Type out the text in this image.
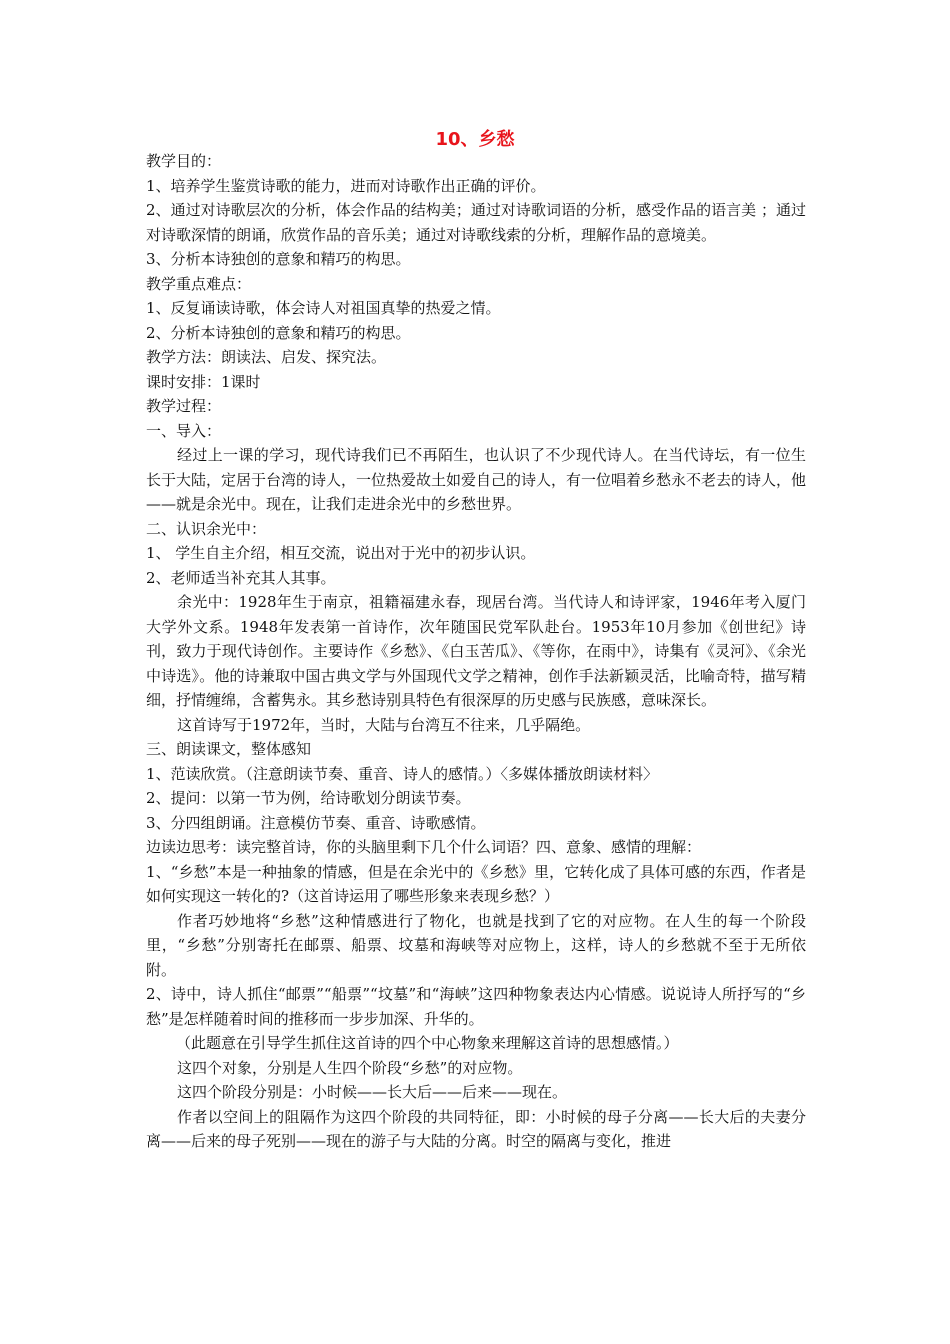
10、乡愁

教学目的：

1、培养学生鉴赏诗歌的能力，进而对诗歌作出正确的评价。

2、通过对诗歌层次的分析，体会作品的结构美；通过对诗歌词语的分析，感受作品的语言美 ；通过对诗歌深情的朗诵，欣赏作品的音乐美；通过对诗歌线索的分析，理解作品的意境美。

3、分析本诗独创的意象和精巧的构思。

教学重点难点：

1、反复诵读诗歌，体会诗人对祖国真挚的热爱之情。

2、分析本诗独创的意象和精巧的构思。

教学方法：朗读法、启发、探究法。

课时安排：1课时

教学过程：

一、导入：

经过上一课的学习，现代诗我们已不再陌生，也认识了不少现代诗人。在当代诗坛，有一位生长于大陆，定居于台湾的诗人，一位热爱故土如爱自己的诗人，有一位唱着乡愁永不老去的诗人，他——就是余光中。现在，让我们走进余光中的乡愁世界。

二、认识余光中：

1、 学生自主介绍，相互交流，说出对于光中的初步认识。

2、老师适当补充其人其事。

余光中：1928年生于南京，祖籍福建永春，现居台湾。当代诗人和诗评家，1946年考入厦门大学外文系。1948年发表第一首诗作，次年随国民党军队赴台。1953年10月参加《创世纪》诗刊，致力于现代诗创作。主要诗作《乡愁》、《白玉苦瓜》、《等你，在雨中》，诗集有《灵河》、《余光中诗选》。他的诗兼取中国古典文学与外国现代文学之精神，创作手法新颖灵活，比喻奇特，描写精细，抒情缠绵，含蓄隽永。其乡愁诗别具特色有很深厚的历史感与民族感，意味深长。

这首诗写于1972年，当时，大陆与台湾互不往来，几乎隔绝。

三、朗读课文，整体感知

1、范读欣赏。（注意朗读节奏、重音、诗人的感情。）〈多媒体播放朗读材料〉

2、提问：以第一节为例，给诗歌划分朗读节奏。

3、分四组朗诵。注意模仿节奏、重音、诗歌感情。

边读边思考：读完整首诗，你的头脑里剩下几个什么词语？四、意象、感情的理解：

1、“乡愁”本是一种抽象的情感，但是在余光中的《乡愁》里，它转化成了具体可感的东西，作者是如何实现这一转化的?（这首诗运用了哪些形象来表现乡愁？）

作者巧妙地将“乡愁”这种情感进行了物化，也就是找到了它的对应物。在人生的每一个阶段里，“乡愁”分别寄托在邮票、船票、坟墓和海峡等对应物上，这样，诗人的乡愁就不至于无所依附。

2、诗中，诗人抓住“邮票”“船票”“坟墓”和“海峡”这四种物象表达内心情感。说说诗人所抒写的“乡愁”是怎样随着时间的推移而一步步加深、升华的。

（此题意在引导学生抓住这首诗的四个中心物象来理解这首诗的思想感情。）

这四个对象，分别是人生四个阶段“乡愁”的对应物。

这四个阶段分别是：小时候——长大后——后来——现在。

作者以空间上的阻隔作为这四个阶段的共同特征，即：小时候的母子分离——长大后的夫妻分离——后来的母子死别——现在的游子与大陆的分离。时空的隔离与变化，推进
